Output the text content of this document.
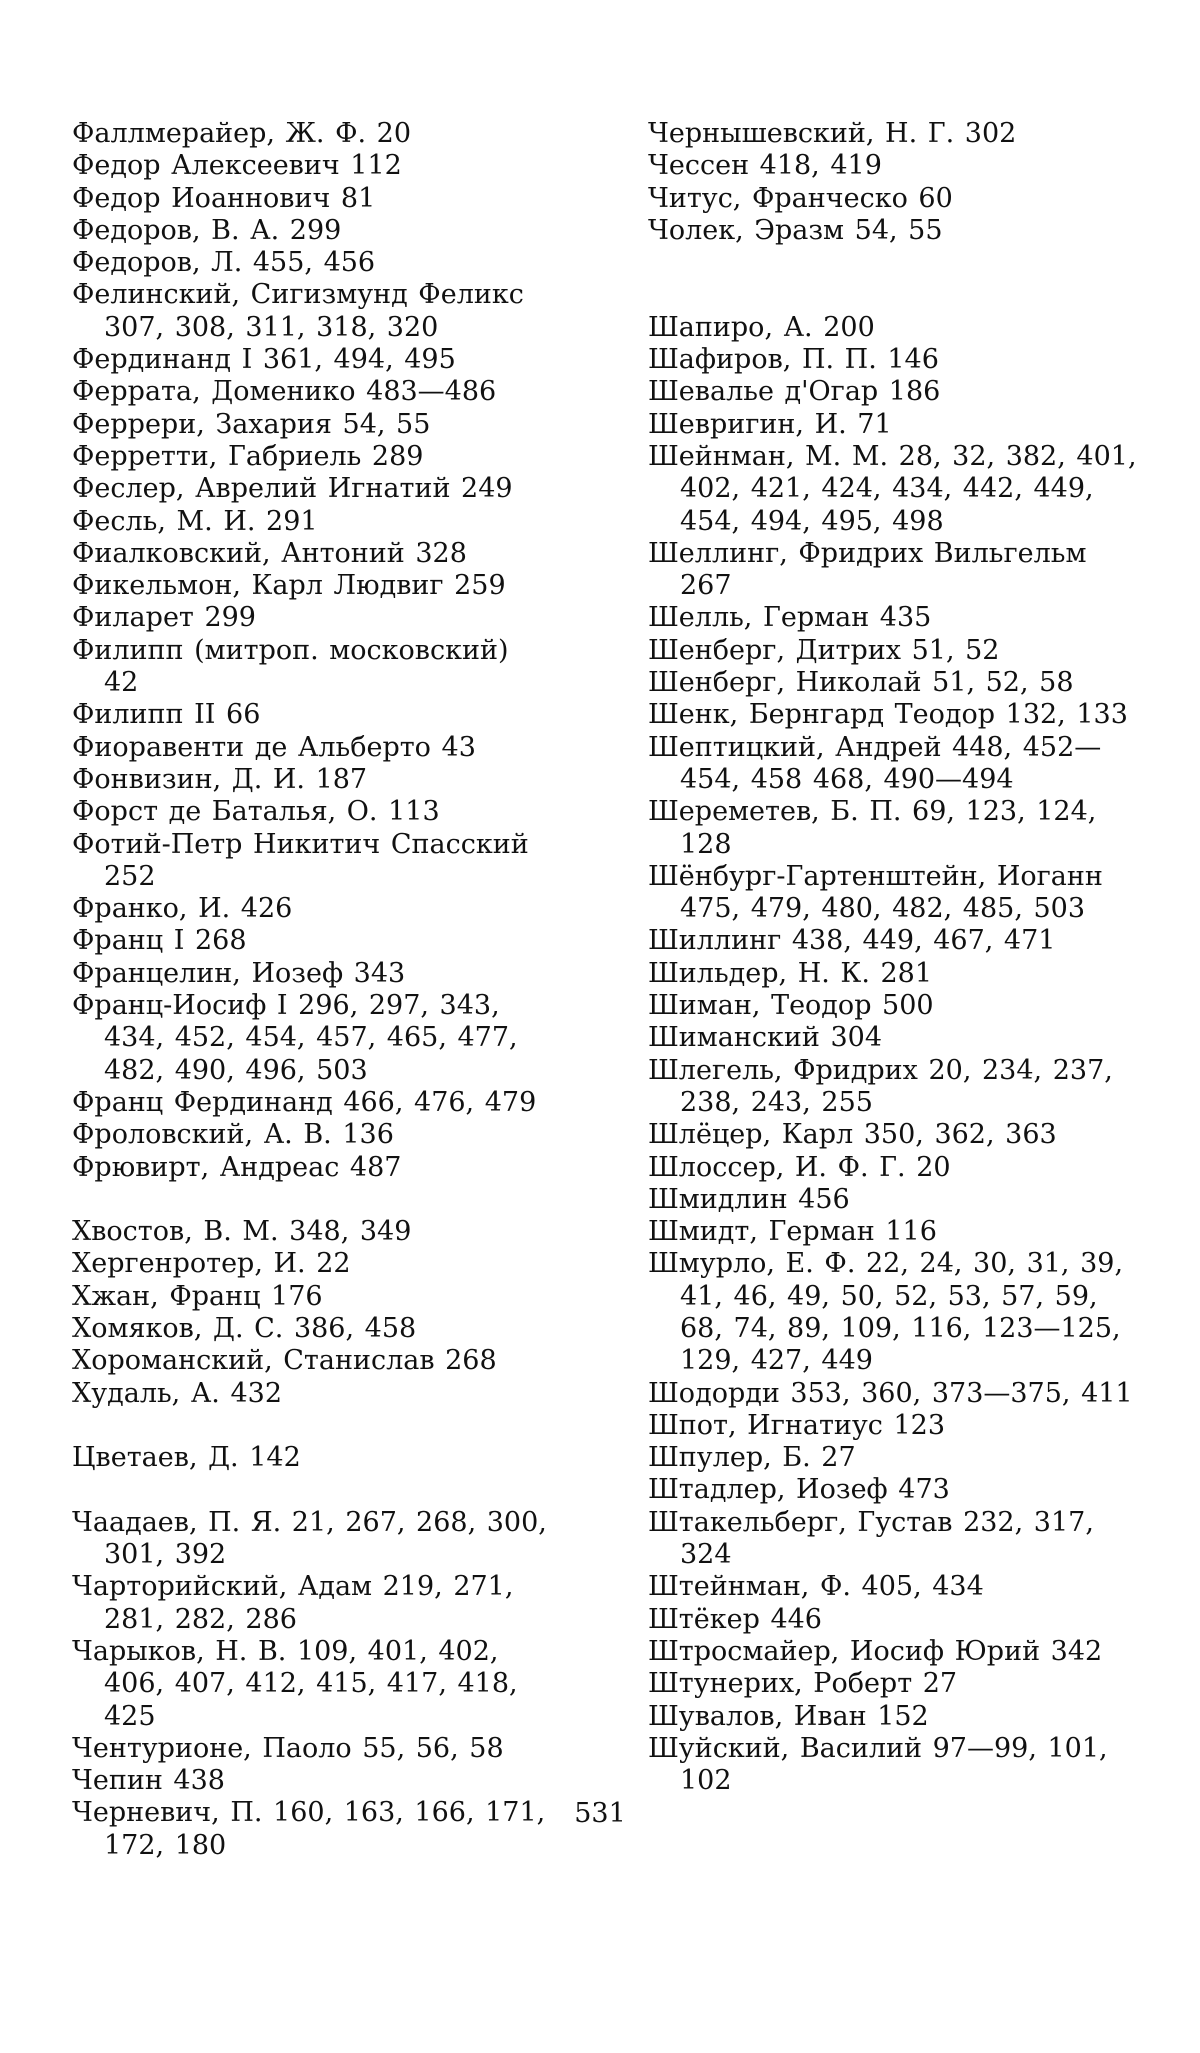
Фаллмерайер, Ж. Ф. 20
Федор Алексеевич 112
Федор Иоаннович 81
Федоров, В. А. 299
Федоров, Л. 455, 456
Фелинский, Сигизмунд Феликс 307, 308, 311, 318, 320
Фердинанд I 361, 494, 495
Феррата, Доменико 483—486
Феррери, Захария 54, 55
Ферретти, Габриель 289
Феслер, Аврелий Игнатий 249
Фесль, М. И. 291
Фиалковский, Антоний 328
Фикельмон, Карл Людвиг 259
Филарет 299
Филипп (митроп. московский) 42
Филипп II 66
Фиоравенти де Альберто 43
Фонвизин, Д. И. 187
Форст де Баталья, О. 113
Фотий-Петр Никитич Спасский 252
Франко, И. 426
Франц I 268
Францелин, Иозеф 343
Франц-Иосиф I 296, 297, 343, 434, 452, 454, 457, 465, 477, 482, 490, 496, 503
Франц Фердинанд 466, 476, 479
Фроловский, А. В. 136
Фрювирт, Андреас 487
Хвостов, В. М. 348, 349
Хергенротер, И. 22
Хжан, Франц 176
Хомяков, Д. С. 386, 458
Хороманский, Станислав 268
Худаль, А. 432
Цветаев, Д. 142
Чаадаев, П. Я. 21, 267, 268, 300, 301, 392
Чарторийский, Адам 219, 271, 281, 282, 286
Чарыков, Н. В. 109, 401, 402, 406, 407, 412, 415, 417, 418, 425
Чентурионе, Паоло 55, 56, 58
Чепин 438
Черневич, П. 160, 163, 166, 171, 172, 180
Чернышевский, Н. Г. 302
Чессен 418, 419
Читус, Франческо 60
Чолек, Эразм 54, 55
Шапиро, А. 200
Шафиров, П. П. 146
Шевалье д'Огар 186
Шевригин, И. 71
Шейнман, М. М. 28, 32, 382, 401, 402, 421, 424, 434, 442, 449, 454, 494, 495, 498
Шеллинг, Фридрих Вильгельм 267
Шелль, Герман 435
Шенберг, Дитрих 51, 52
Шенберг, Николай 51, 52, 58
Шенк, Бернгард Теодор 132, 133
Шептицкий, Андрей 448, 452—454, 458 468, 490—494
Шереметев, Б. П. 69, 123, 124, 128
Шёнбург-Гартенштейн, Иоганн 475, 479, 480, 482, 485, 503
Шиллинг 438, 449, 467, 471
Шильдер, Н. К. 281
Шиман, Теодор 500
Шиманский 304
Шлегель, Фридрих 20, 234, 237, 238, 243, 255
Шлёцер, Карл 350, 362, 363
Шлоссер, И. Ф. Г. 20
Шмидлин 456
Шмидт, Герман 116
Шмурло, Е. Ф. 22, 24, 30, 31, 39, 41, 46, 49, 50, 52, 53, 57, 59, 68, 74, 89, 109, 116, 123—125, 129, 427, 449
Шодорди 353, 360, 373—375, 411
Шпот, Игнатиус 123
Шпулер, Б. 27
Штадлер, Иозеф 473
Штакельберг, Густав 232, 317, 324
Штейнман, Ф. 405, 434
Штёкер 446
Штросмайер, Иосиф Юрий 342
Штунерих, Роберт 27
Шувалов, Иван 152
Шуйский, Василий 97—99, 101, 102
531
